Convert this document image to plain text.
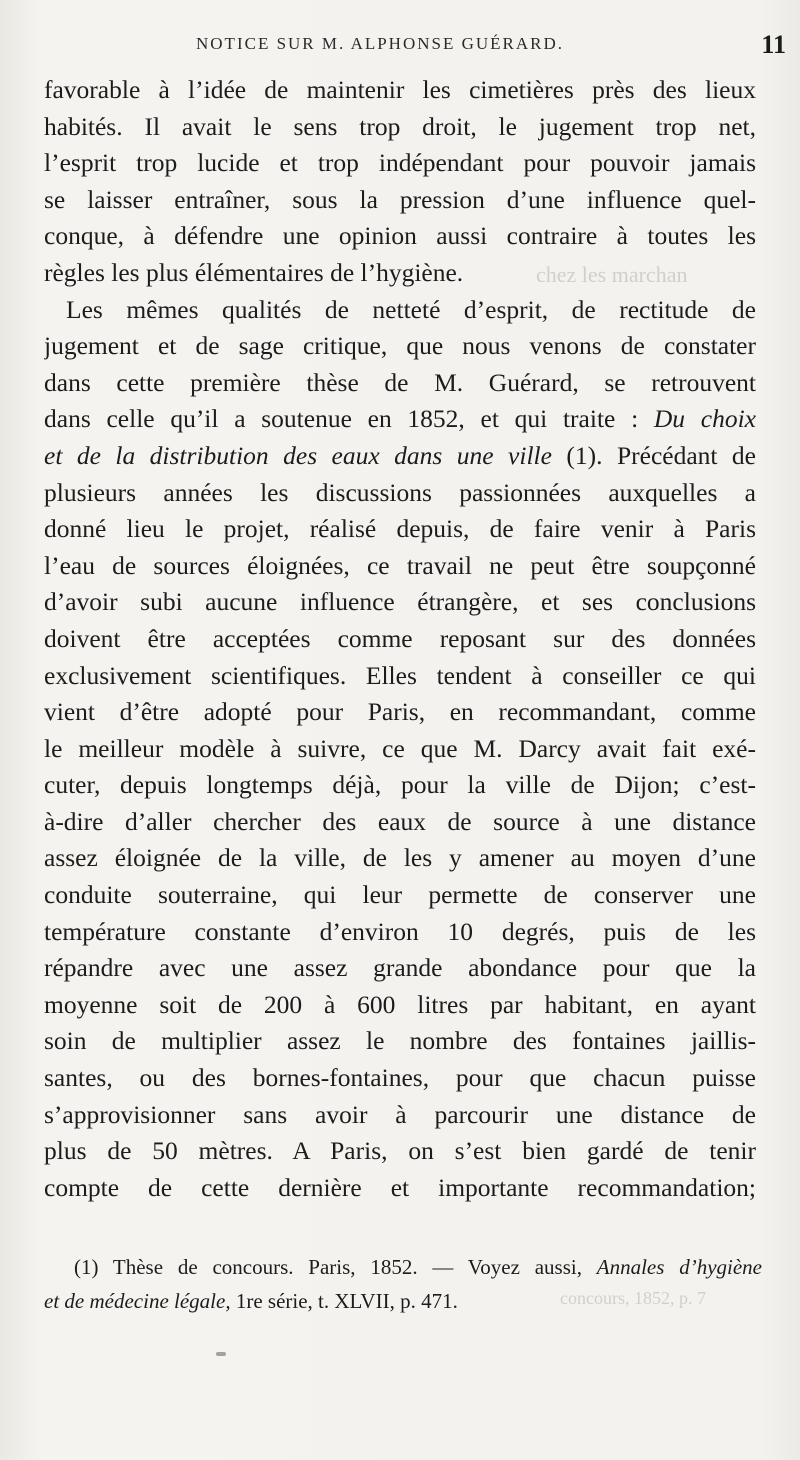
NOTICE SUR M. ALPHONSE GUÉRARD.	11
chez les marchan
concours, 1852, p. 7
favorable à l’idée de maintenir les cimetières près des lieux
habités. Il avait le sens trop droit, le jugement trop net,
l’esprit trop lucide et trop indépendant pour pouvoir jamais
se laisser entraîner, sous la pression d’une influence quel-
conque, à défendre une opinion aussi contraire à toutes les
règles les plus élémentaires de l’hygiène.
Les mêmes qualités de netteté d’esprit, de rectitude de
jugement et de sage critique, que nous venons de constater
dans cette première thèse de M. Guérard, se retrouvent
dans celle qu’il a soutenue en 1852, et qui traite : Du choix
et de la distribution des eaux dans une ville (1). Précédant de
plusieurs années les discussions passionnées auxquelles a
donné lieu le projet, réalisé depuis, de faire venir à Paris
l’eau de sources éloignées, ce travail ne peut être soupçonné
d’avoir subi aucune influence étrangère, et ses conclusions
doivent être acceptées comme reposant sur des données
exclusivement scientifiques. Elles tendent à conseiller ce qui
vient d’être adopté pour Paris, en recommandant, comme
le meilleur modèle à suivre, ce que M. Darcy avait fait exé-
cuter, depuis longtemps déjà, pour la ville de Dijon; c’est-
à-dire d’aller chercher des eaux de source à une distance
assez éloignée de la ville, de les y amener au moyen d’une
conduite souterraine, qui leur permette de conserver une
température constante d’environ 10 degrés, puis de les
répandre avec une assez grande abondance pour que la
moyenne soit de 200 à 600 litres par habitant, en ayant
soin de multiplier assez le nombre des fontaines jaillis-
santes, ou des bornes-fontaines, pour que chacun puisse
s’approvisionner sans avoir à parcourir une distance de
plus de 50 mètres. A Paris, on s’est bien gardé de tenir
compte de cette dernière et importante recommandation;
(1) Thèse de concours. Paris, 1852. — Voyez aussi, Annales d’hygiène
et de médecine légale, 1re série, t. XLVII, p. 471.
